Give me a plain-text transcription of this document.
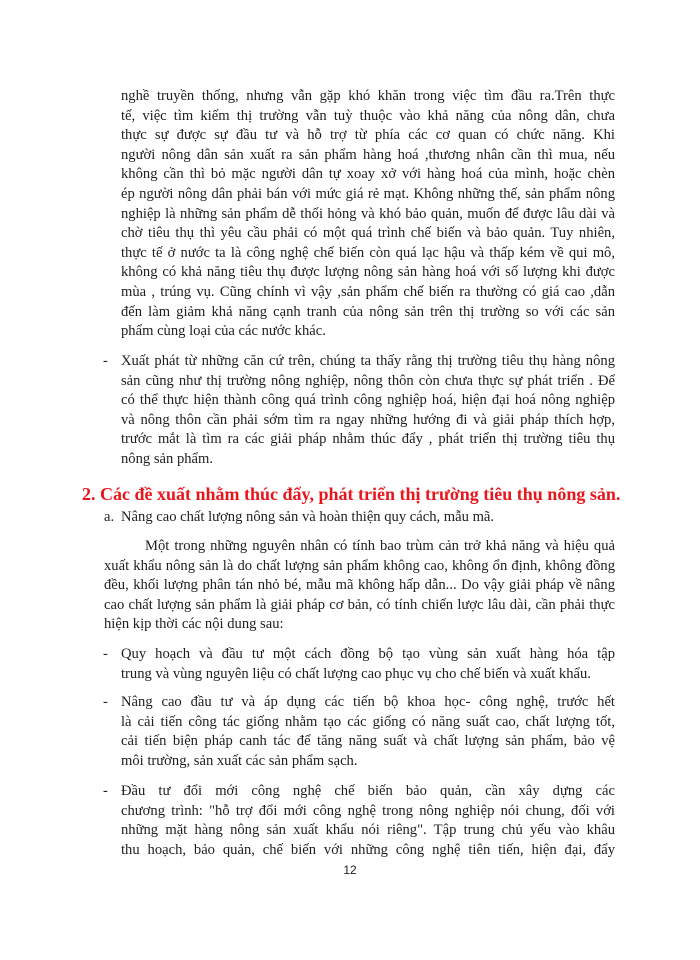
nghề truyền thống, nhưng vẫn gặp khó khăn trong việc tìm đầu ra.Trên thực
tế, việc tìm kiếm thị trường vẫn tuỳ thuộc vào khả năng của nông dân, chưa
thực sự được sự đầu tư và hỗ trợ từ phía các cơ quan có chức năng. Khi
người nông dân sản xuất ra sản phẩm hàng hoá ,thương nhân cần thì mua, nếu
không cần thì bỏ mặc người dân tự xoay xở với hàng hoá của mình, hoặc chèn
ép người nông dân phải bán với mức giá rẻ mạt. Không những thế, sản phẩm nông
nghiệp là những sản phẩm dễ thối hỏng và khó bảo quản, muốn để được lâu dài và
chờ tiêu thụ thì yêu cầu phải có một quá trình chế biến và bảo quản. Tuy nhiên,
thực tế ở nước ta là công nghệ chế biến còn quá lạc hậu và thấp kém về qui mô,
không có khả năng tiêu thụ được lượng nông sản hàng hoá với số lượng khi được
mùa , trúng vụ. Cũng chính vì vậy ,sản phẩm chế biến ra thường có giá cao ,dẫn
đến làm giảm khả năng cạnh tranh của nông sản trên thị trường so với các sản
phẩm cùng loại của các nước khác.
- Xuất phát từ những căn cứ trên, chúng ta thấy rằng thị trường tiêu thụ hàng nông
sản cũng như thị trường nông nghiệp, nông thôn còn chưa thực sự phát triển . Để
có thể thực hiện thành công quá trình công nghiệp hoá, hiện đại hoá nông nghiệp
và nông thôn cần phải sớm tìm ra ngay những hướng đi và giải pháp thích hợp,
trước mắt là tìm ra các giải pháp nhằm thúc đẩy , phát triển thị trường tiêu thụ
nông sản phẩm.
2. Các đề xuất nhằm thúc đẩy, phát triển thị trường tiêu thụ nông sản.
a. Nâng cao chất lượng nông sản và hoàn thiện quy cách, mẫu mã.
Một trong những nguyên nhân có tính bao trùm cản trở khả năng và hiệu quả
xuất khẩu nông sản là do chất lượng sản phẩm không cao, không ổn định, không đồng
đều, khối lượng phân tán nhỏ bé, mẫu mã không hấp dẫn... Do vậy giải pháp về nâng
cao chất lượng sản phẩm là giải pháp cơ bản, có tính chiến lược lâu dài, cần phải thực
hiện kịp thời các nội dung sau:
- Quy hoạch và đầu tư một cách đồng bộ tạo vùng sản xuất hàng hóa tập
trung và vùng nguyên liệu có chất lượng cao phục vụ cho chế biến và xuất khẩu.
- Nâng cao đầu tư và áp dụng các tiến bộ khoa học- công nghệ, trước hết
là cải tiến công tác giống nhằm tạo các giống có năng suất cao, chất lượng tốt,
cải tiến biện pháp canh tác để tăng năng suất và chất lượng sản phẩm, bảo vệ
môi trường, sản xuất các sản phẩm sạch.
- Đầu tư đổi mới công nghệ chế biến bảo quản, cần xây dựng các
chương trình: "hỗ trợ đổi mới công nghệ trong nông nghiệp nói chung, đối với
những mặt hàng nông sản xuất khẩu nói riêng". Tập trung chủ yếu vào khâu
thu hoạch, bảo quản, chế biến với những công nghệ tiên tiến, hiện đại, đẩy
12
